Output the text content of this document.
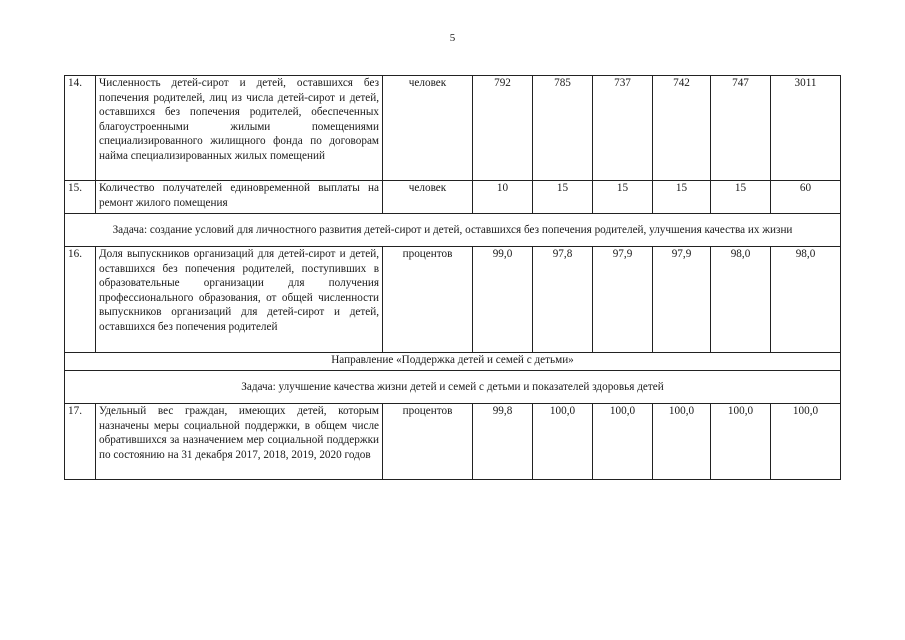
5
14.	Численность детей-сирот и детей, оставшихся без попечения родителей, лиц из числа детей-сирот и детей, оставшихся без попечения родителей, обеспеченных благоустроенными жилыми помещениями специализированного жилищного фонда по договорам найма специализированных жилых помещений	человек	792	785	737	742	747	3011
15.	Количество получателей единовременной выплаты на ремонт жилого помещения	человек	10	15	15	15	15	60
Задача: создание условий для личностного развития детей-сирот и детей, оставшихся без попечения родителей, улучшения качества их жизни								
16.	Доля выпускников организаций для детей-сирот и детей, оставшихся без попечения родителей, поступивших в образовательные организации для получения профессионального образования, от общей численности выпускников организаций для детей-сирот и детей, оставшихся без попечения родителей	процентов	99,0	97,8	97,9	97,9	98,0	98,0
Направление «Поддержка детей и семей с детьми»								
Задача: улучшение качества жизни детей и семей с детьми и показателей здоровья детей								
17.	Удельный вес граждан, имеющих детей, которым назначены меры социальной поддержки, в общем числе обратившихся за назначением мер социальной поддержки по состоянию на 31 декабря 2017, 2018, 2019, 2020 годов	процентов	99,8	100,0	100,0	100,0	100,0	100,0
